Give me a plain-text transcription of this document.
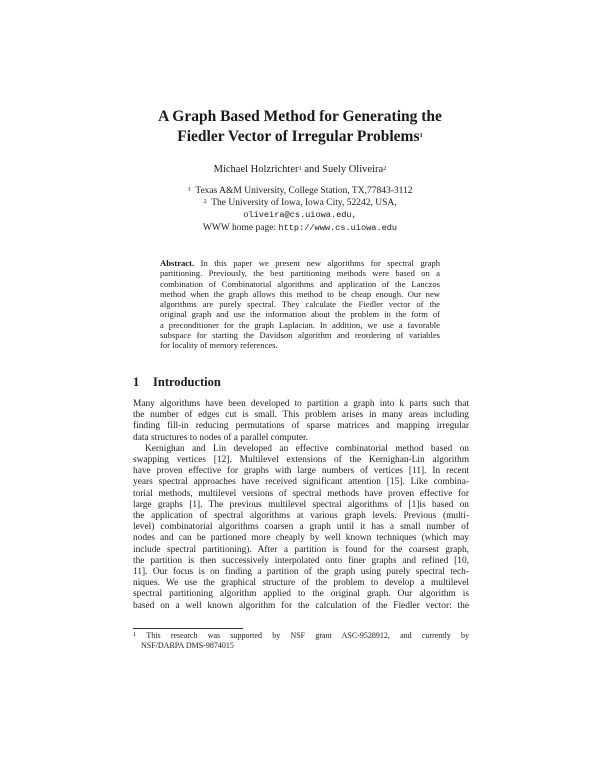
A Graph Based Method for Generating the
Fiedler Vector of Irregular Problems$^1$
Michael Holzrichter$^1$ and Suely Oliveira$^2$
$^1$ Texas A&M University, College Station, TX,77843-3112
$^2$ The University of Iowa, Iowa City, 52242, USA,
oliveira@cs.uiowa.edu,
WWW home page: http://www.cs.uiowa.edu
Abstract. In this paper we present new algorithms for spectral graph
partitioning. Previously, the best partitioning methods were based on a
combination of Combinatorial algorithms and application of the Lanczos
method when the graph allows this method to be cheap enough. Our new
algorithms are purely spectral. They calculate the Fiedler vector of the
original graph and use the information about the problem in the form of
a preconditioner for the graph Laplacian. In addition, we use a favorable
subspace for starting the Davidson algorithm and reordering of variables
for locality of memory references.
1 Introduction
Many algorithms have been developed to partition a graph into k parts such that
the number of edges cut is small. This problem arises in many areas including
finding fill-in reducing permutations of sparse matrices and mapping irregular
data structures to nodes of a parallel computer.
Kernighan and Lin developed an effective combinatorial method based on
swapping vertices [12]. Multilevel extensions of the Kernighan-Lin algorithm
have proven effective for graphs with large numbers of vertices [11]. In recent
years spectral approaches have received significant attention [15]. Like combina-
torial methods, multilevel versions of spectral methods have proven effective for
large graphs [1]. The previous multilevel spectral algorithms of [1]is based on
the application of spectral algorithms at various graph levels. Previous (multi-
level) combinatorial algorithms coarsen a graph until it has a small number of
nodes and can be partioned more cheaply by well known techniques (which may
include spectral partitioning). After a partition is found for the coarsest graph,
the partition is then successively interpolated onto finer graphs and refined [10,
11]. Our focus is on finding a partition of the graph using purely spectral tech-
niques. We use the graphical structure of the problem to develop a multilevel
spectral partitioning algorithm applied to the original graph. Our algorithm is
based on a well known algorithm for the calculation of the Fiedler vector: the
$^1$ This research was supported by NSF grant ASC-9528912, and currently by
NSF/DARPA DMS-9874015
